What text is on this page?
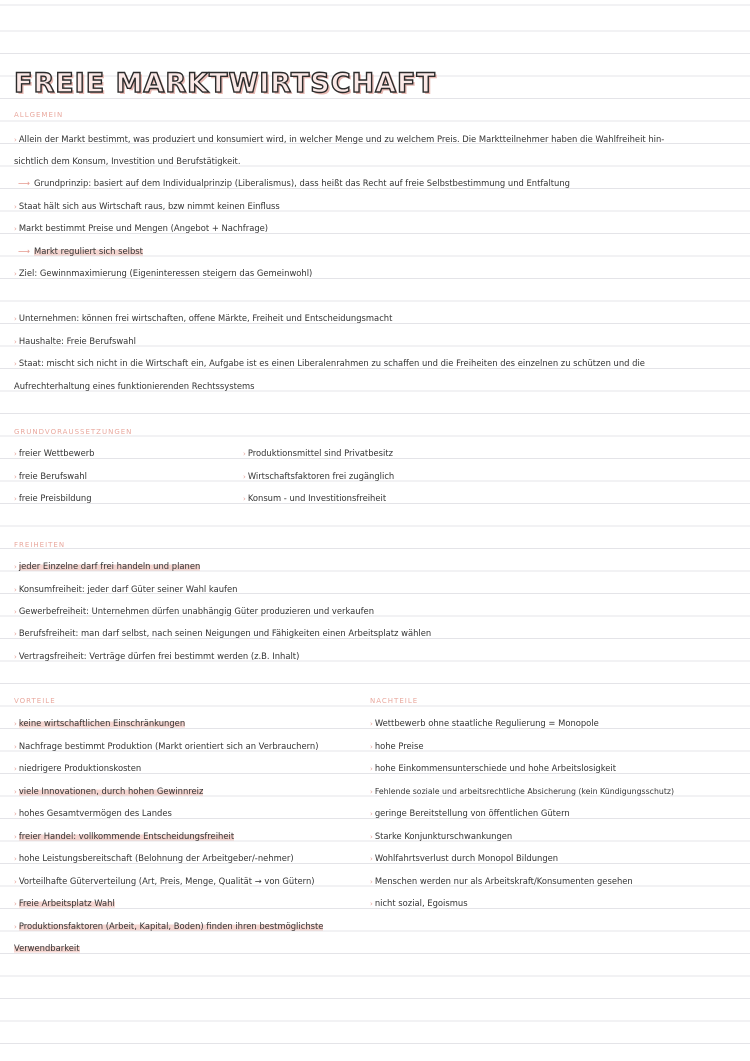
FREIE MARKTWIRTSCHAFT
ALLGEMEIN
› Allein der Markt bestimmt, was produziert und konsumiert wird, in welcher Menge und zu welchem Preis. Die Marktteilnehmer haben die Wahlfreiheit hin-
sichtlich dem Konsum, Investition und Berufstätigkeit.
⟶ Grundprinzip: basiert auf dem Individualprinzip (Liberalismus), dass heißt das Recht auf freie Selbstbestimmung und Entfaltung
› Staat hält sich aus Wirtschaft raus, bzw nimmt keinen Einfluss
› Markt bestimmt Preise und Mengen (Angebot + Nachfrage)
⟶ Markt reguliert sich selbst
› Ziel: Gewinnmaximierung (Eigeninteressen steigern das Gemeinwohl)
› Unternehmen: können frei wirtschaften, offene Märkte, Freiheit und Entscheidungsmacht
› Haushalte: Freie Berufswahl
› Staat: mischt sich nicht in die Wirtschaft ein, Aufgabe ist es einen Liberalenrahmen zu schaffen und die Freiheiten des einzelnen zu schützen und die
Aufrechterhaltung eines funktionierenden Rechtssystems
GRUNDVORAUSSETZUNGEN
› freier Wettbewerb
› freie Berufswahl
› freie Preisbildung
› Produktionsmittel sind Privatbesitz
› Wirtschaftsfaktoren frei zugänglich
› Konsum - und Investitionsfreiheit
FREIHEITEN
› jeder Einzelne darf frei handeln und planen
› Konsumfreiheit: jeder darf Güter seiner Wahl kaufen
› Gewerbefreiheit: Unternehmen dürfen unabhängig Güter produzieren und verkaufen
› Berufsfreiheit: man darf selbst, nach seinen Neigungen und Fähigkeiten einen Arbeitsplatz wählen
› Vertragsfreiheit: Verträge dürfen frei bestimmt werden (z.B. Inhalt)
VORTEILE
› keine wirtschaftlichen Einschränkungen
› Nachfrage bestimmt Produktion (Markt orientiert sich an Verbrauchern)
› niedrigere Produktionskosten
› viele Innovationen, durch hohen Gewinnreiz
› hohes Gesamtvermögen des Landes
› freier Handel: vollkommende Entscheidungsfreiheit
› hohe Leistungsbereitschaft (Belohnung der Arbeitgeber/-nehmer)
› Vorteilhafte Güterverteilung (Art, Preis, Menge, Qualität → von Gütern)
› Freie Arbeitsplatz Wahl
› Produktionsfaktoren (Arbeit, Kapital, Boden) finden ihren bestmöglichste
Verwendbarkeit
NACHTEILE
› Wettbewerb ohne staatliche Regulierung = Monopole
› hohe Preise
› hohe Einkommensunterschiede und hohe Arbeitslosigkeit
› Fehlende soziale und arbeitsrechtliche Absicherung (kein Kündigungsschutz)
› geringe Bereitstellung von öffentlichen Gütern
› Starke Konjunkturschwankungen
› Wohlfahrtsverlust durch Monopol Bildungen
› Menschen werden nur als Arbeitskraft/Konsumenten gesehen
› nicht sozial, Egoismus
